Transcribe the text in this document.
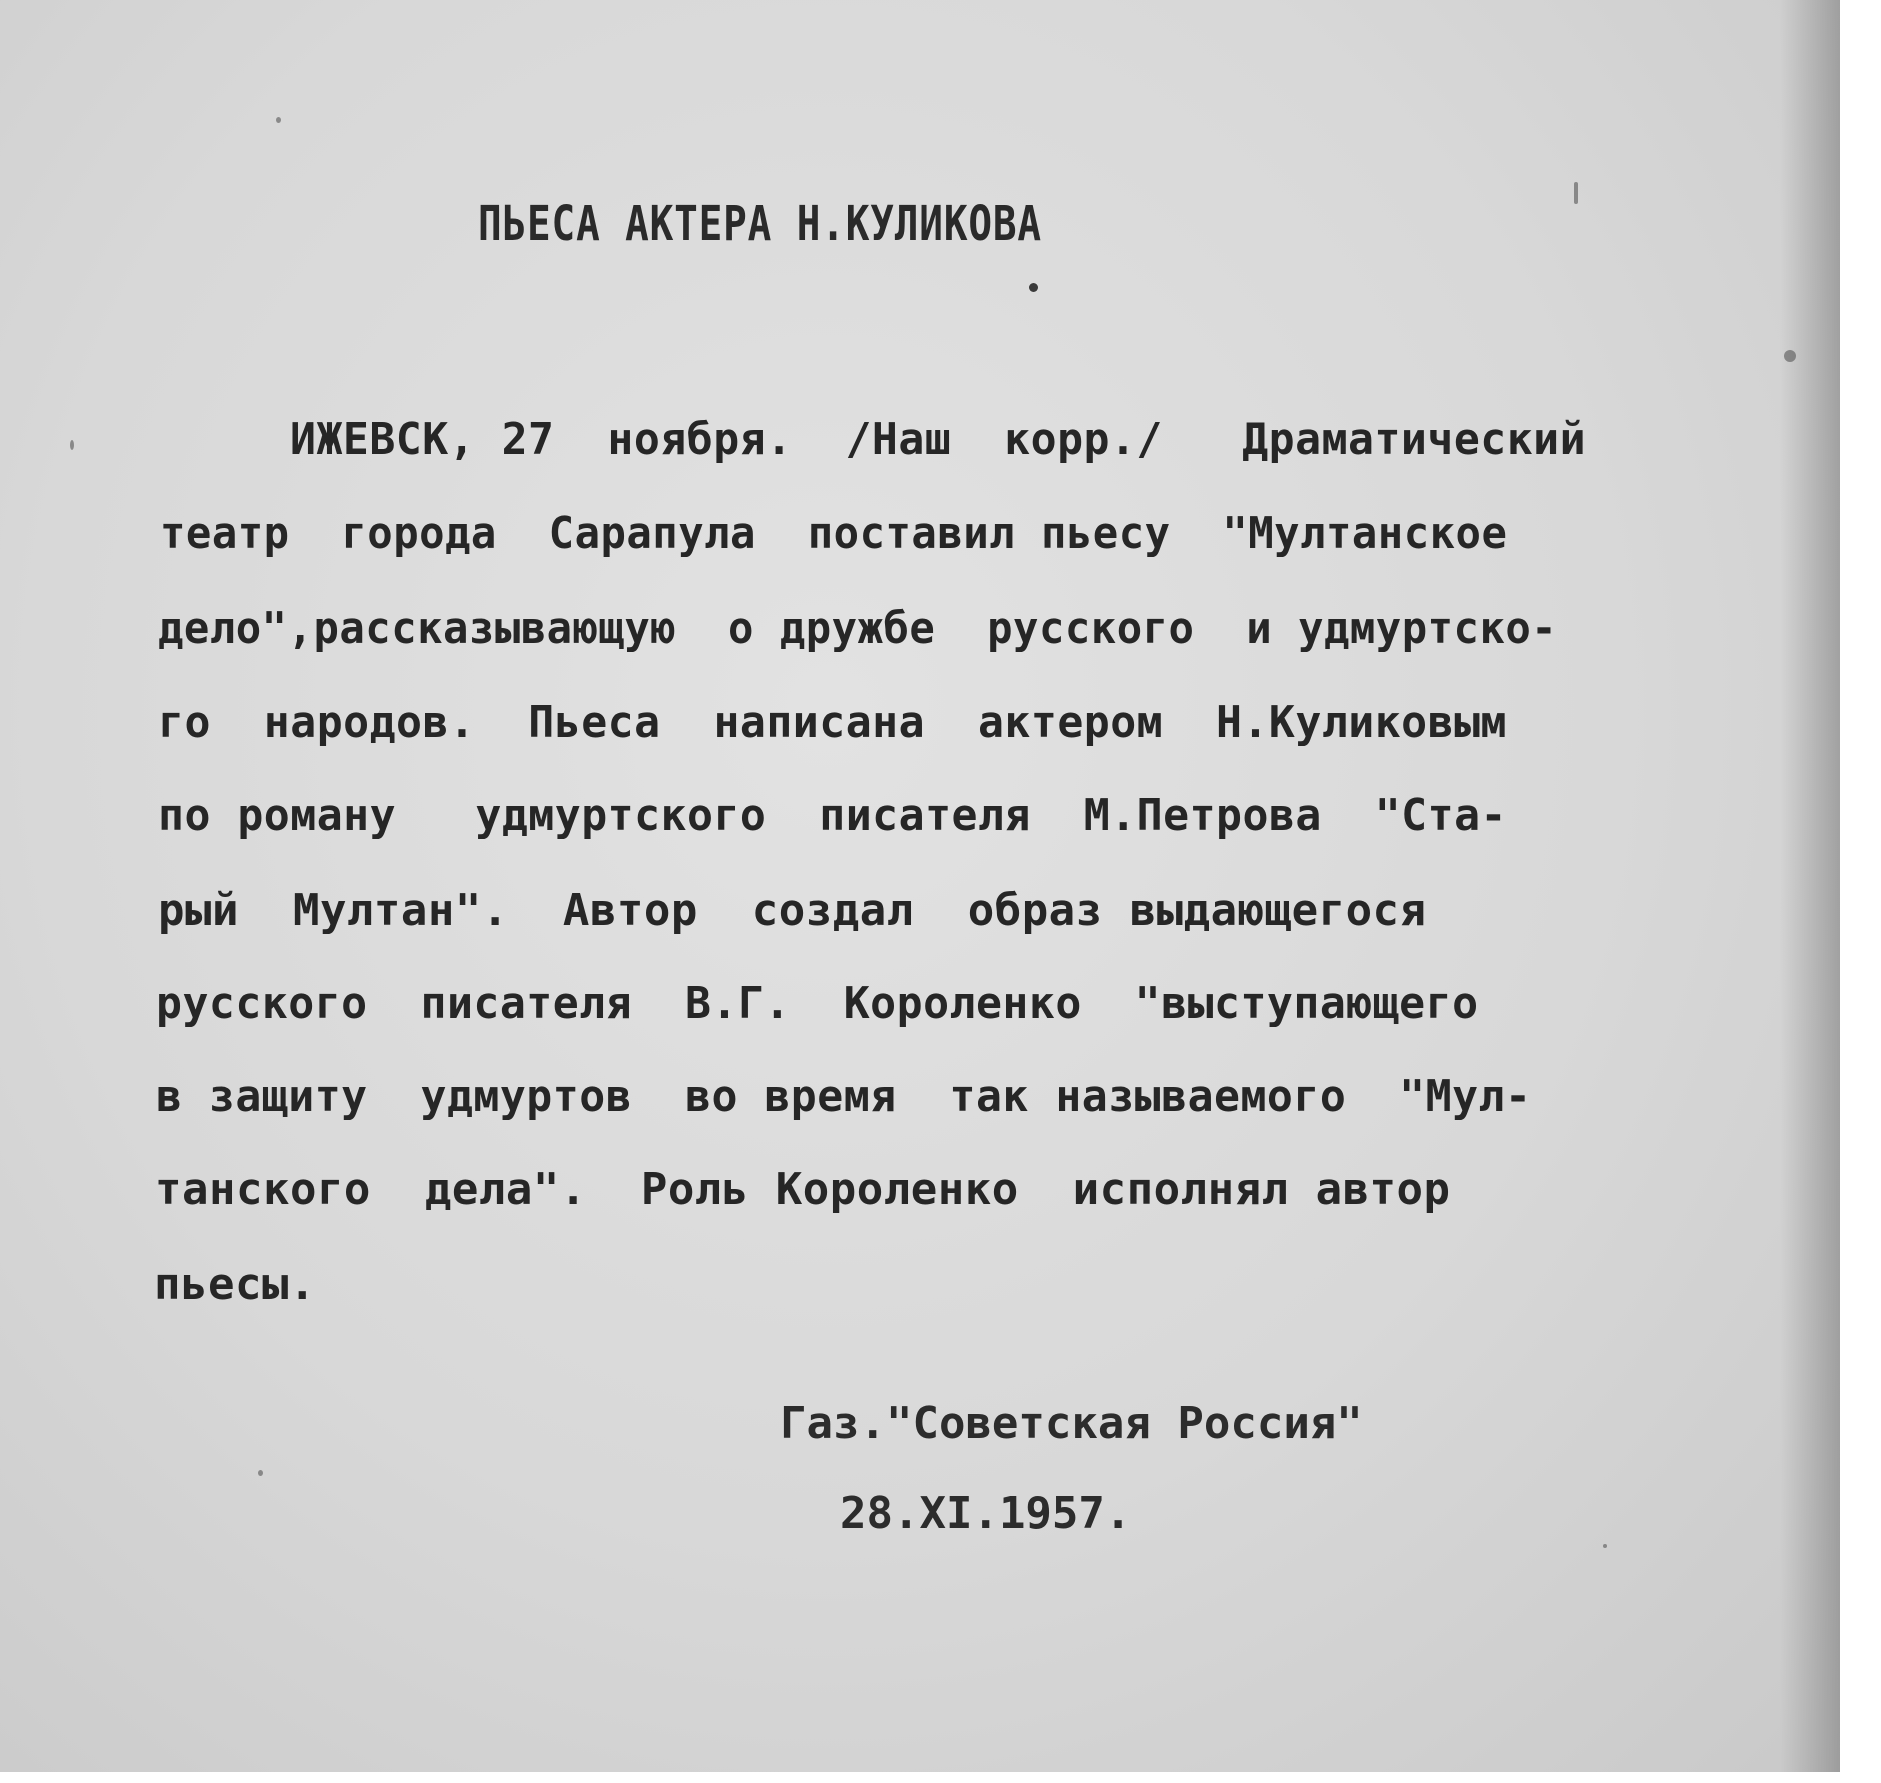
ПЬЕСА АКТЕРА Н.КУЛИКОВА
ИЖЕВСК, 27  ноября.  /Наш  корр./   Драматический
театр  города  Сарапула  поставил пьесу  "Мултанское
дело",рассказывающую  о дружбе  русского  и удмуртско-
го  народов.  Пьеса  написана  актером  Н.Куликовым
по роману   удмуртского  писателя  М.Петрова  "Ста-
рый  Мултан".  Автор  создал  образ выдающегося
русского  писателя  В.Г.  Короленко  "выступающего
в защиту  удмуртов  во время  так называемого  "Мул-
танского  дела".  Роль Короленко  исполнял автор
пьесы.
Газ."Советская Россия"
28.XI.1957.
